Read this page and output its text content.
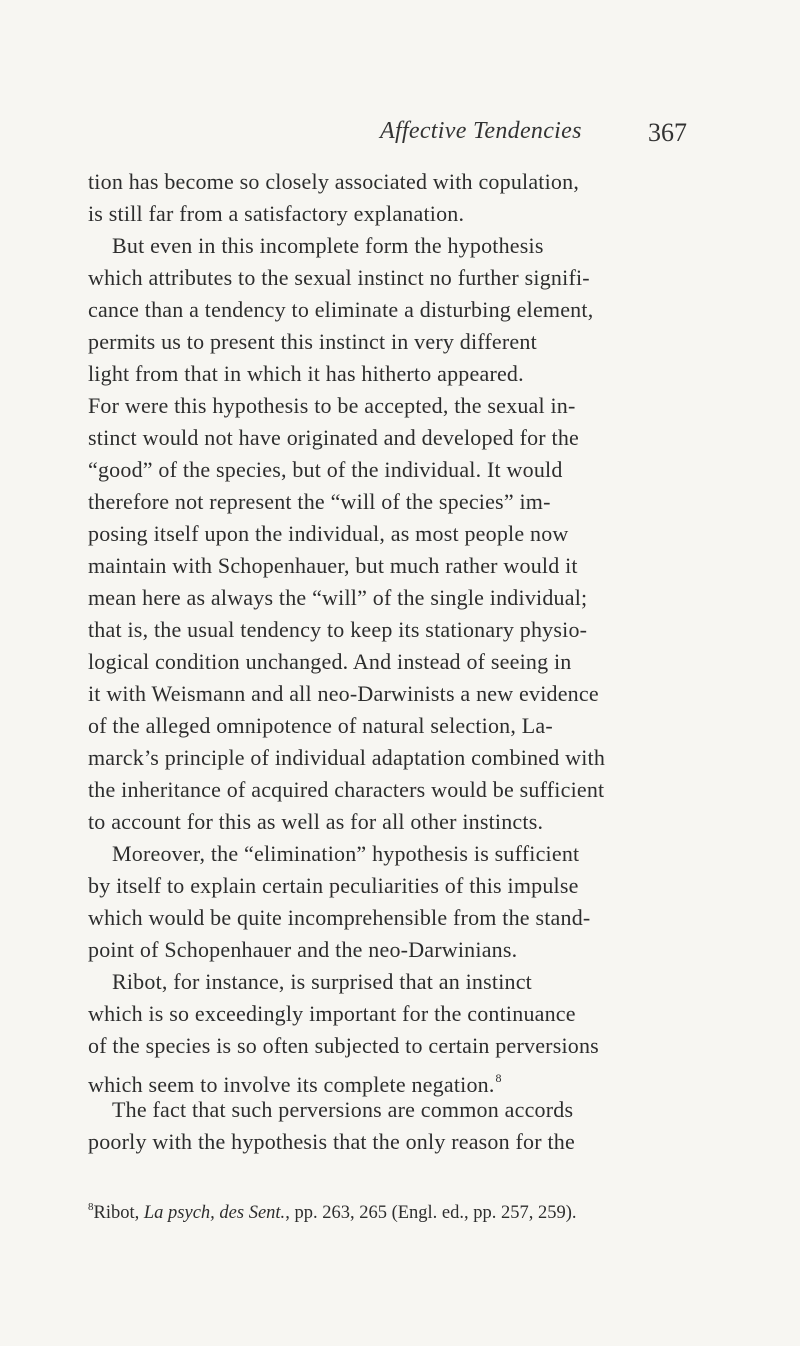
Affective Tendencies	367
tion has become so closely associated with copulation,
is still far from a satisfactory explanation.
But even in this incomplete form the hypothesis
which attributes to the sexual instinct no further signifi-
cance than a tendency to eliminate a disturbing element,
permits us to present this instinct in very different
light from that in which it has hitherto appeared.
For were this hypothesis to be accepted, the sexual in-
stinct would not have originated and developed for the
“good” of the species, but of the individual. It would
therefore not represent the “will of the species” im-
posing itself upon the individual, as most people now
maintain with Schopenhauer, but much rather would it
mean here as always the “will” of the single individual;
that is, the usual tendency to keep its stationary physio-
logical condition unchanged. And instead of seeing in
it with Weismann and all neo-Darwinists a new evidence
of the alleged omnipotence of natural selection, La-
marck’s principle of individual adaptation combined with
the inheritance of acquired characters would be sufficient
to account for this as well as for all other instincts.
Moreover, the “elimination” hypothesis is sufficient
by itself to explain certain peculiarities of this impulse
which would be quite incomprehensible from the stand-
point of Schopenhauer and the neo-Darwinians.
Ribot, for instance, is surprised that an instinct
which is so exceedingly important for the continuance
of the species is so often subjected to certain perversions
which seem to involve its complete negation.$^8$
The fact that such perversions are common accords
poorly with the hypothesis that the only reason for the
$^8$Ribot, La psych, des Sent., pp. 263, 265 (Engl. ed., pp. 257, 259).
